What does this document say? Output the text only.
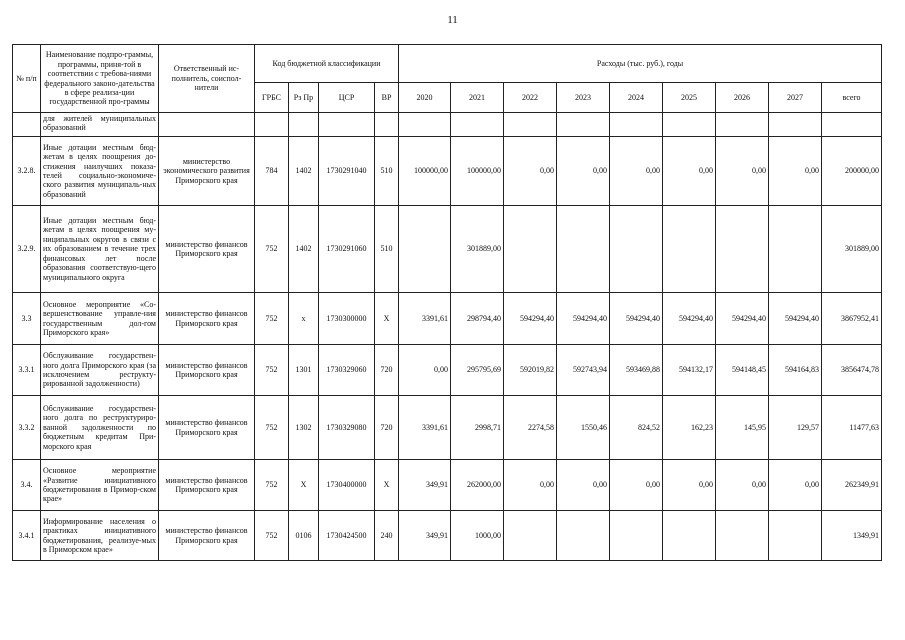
11
№ п/п	Наименование подпро-граммы, программы, приня-той в соответствии с требова-ниями федерального законо-дательства в сфере реализа-ции государственной про-граммы	Ответственный ис-полнитель, соиспол-нители	Код бюджетной классификации				Расходы (тыс. руб.), годы								
			ГРБС	Рз Пр	ЦСР	ВР	2020	2021	2022	2023	2024	2025	2026	2027	всего
	для жителей муниципальных образований														
3.2.8.	Иные дотации местным бюд-жетам в целях поощрения до-стижения наилучших показа-телей социально-экономиче-ского развития муниципаль-ных образований	министерство экономического развития Приморского края	784	1402	1730291040	510	100000,00	100000,00	0,00	0,00	0,00	0,00	0,00	0,00	200000,00
3.2.9.	Иные дотации местным бюд-жетам в целях поощрения му-ниципальных округов в связи с их образованием в течение трех финансовых лет после образования соответствую-щего муниципального округа	министерство финансов Приморского края	752	1402	1730291060	510		301889,00							301889,00
3.3	Основное мероприятие «Со-вершенствование управле-ния государственным дол-гом Приморского края»	министерство финансов Приморского края	752	х	1730300000	Х	3391,61	298794,40	594294,40	594294,40	594294,40	594294,40	594294,40	594294,40	3867952,41
3.3.1	Обслуживание государствен-ного долга Приморского края (за исключением реструкту-рированной задолженности)	министерство финансов Приморского края	752	1301	1730329060	720	0,00	295795,69	592019,82	592743,94	593469,88	594132,17	594148,45	594164,83	3856474,78
3.3.2	Обслуживание государствен-ного долга по реструктуриро-ванной задолженности по бюджетным кредитам При-морского края	министерство финансов Приморского края	752	1302	1730329080	720	3391,61	2998,71	2274,58	1550,46	824,52	162,23	145,95	129,57	11477,63
3.4.	Основное мероприятие «Развитие инициативного бюджетирования в Примор-ском крае»	министерство финансов Приморского края	752	Х	1730400000	Х	349,91	262000,00	0,00	0,00	0,00	0,00	0,00	0,00	262349,91
3.4.1	Информирование населения о практиках инициативного бюджетирования, реализуе-мых в Приморском крае»	министерство финансов Приморского края	752	0106	1730424500	240	349,91	1000,00							1349,91
